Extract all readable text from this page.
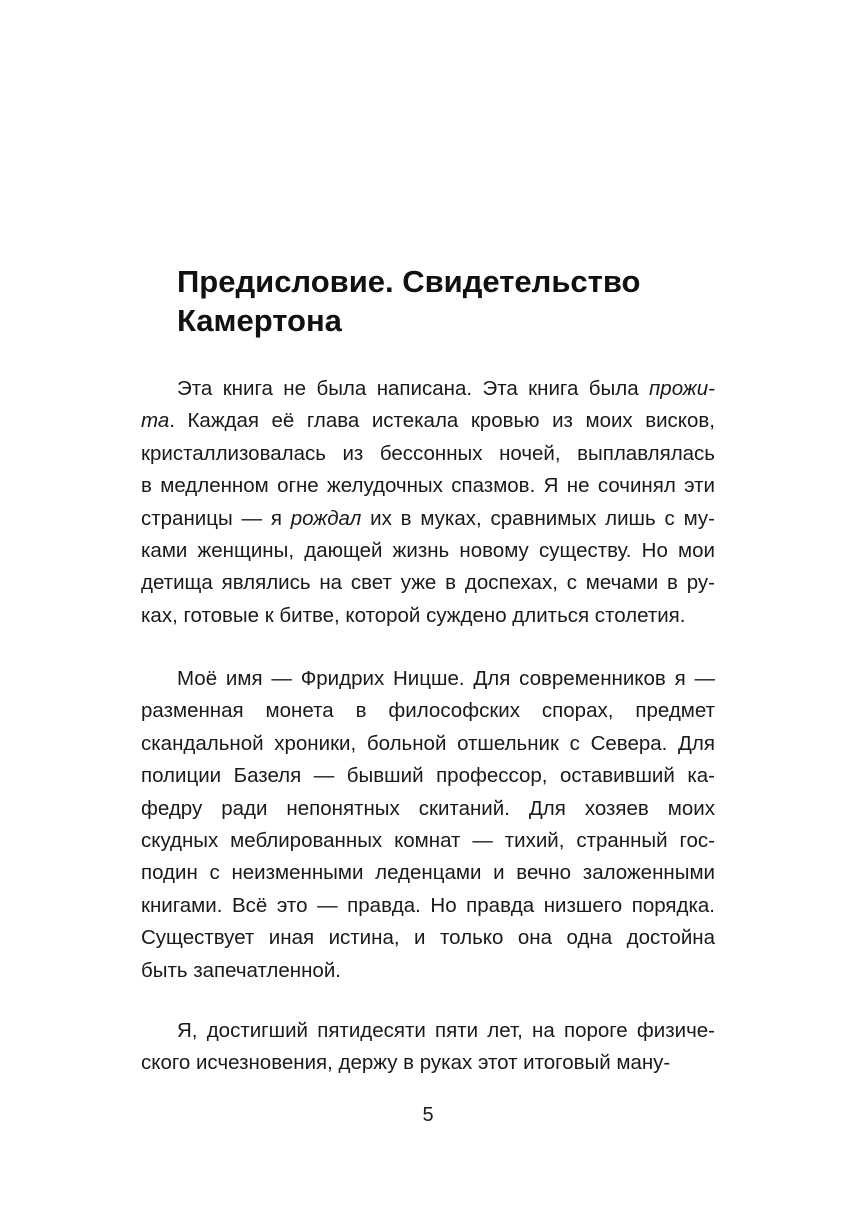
Предисловие. Свидетельство
Камертона
Эта книга не была написана. Эта книга была прожи-
та. Каждая её глава истекала кровью из моих висков,
кристаллизовалась из бессонных ночей, выплавлялась
в медленном огне желудочных спазмов. Я не сочинял эти
страницы — я рождал их в муках, сравнимых лишь с му-
ками женщины, дающей жизнь новому существу. Но мои
детища являлись на свет уже в доспехах, с мечами в ру-
ках, готовые к битве, которой суждено длиться столетия.
Моё имя — Фридрих Ницше. Для современников я —
разменная монета в философских спорах, предмет
скандальной хроники, больной отшельник с Севера. Для
полиции Базеля — бывший профессор, оставивший ка-
федру ради непонятных скитаний. Для хозяев моих
скудных меблированных комнат — тихий, странный гос-
подин с неизменными леденцами и вечно заложенными
книгами. Всё это — правда. Но правда низшего порядка.
Существует иная истина, и только она одна достойна
быть запечатленной.
Я, достигший пятидесяти пяти лет, на пороге физиче-
ского исчезновения, держу в руках этот итоговый ману-
5
